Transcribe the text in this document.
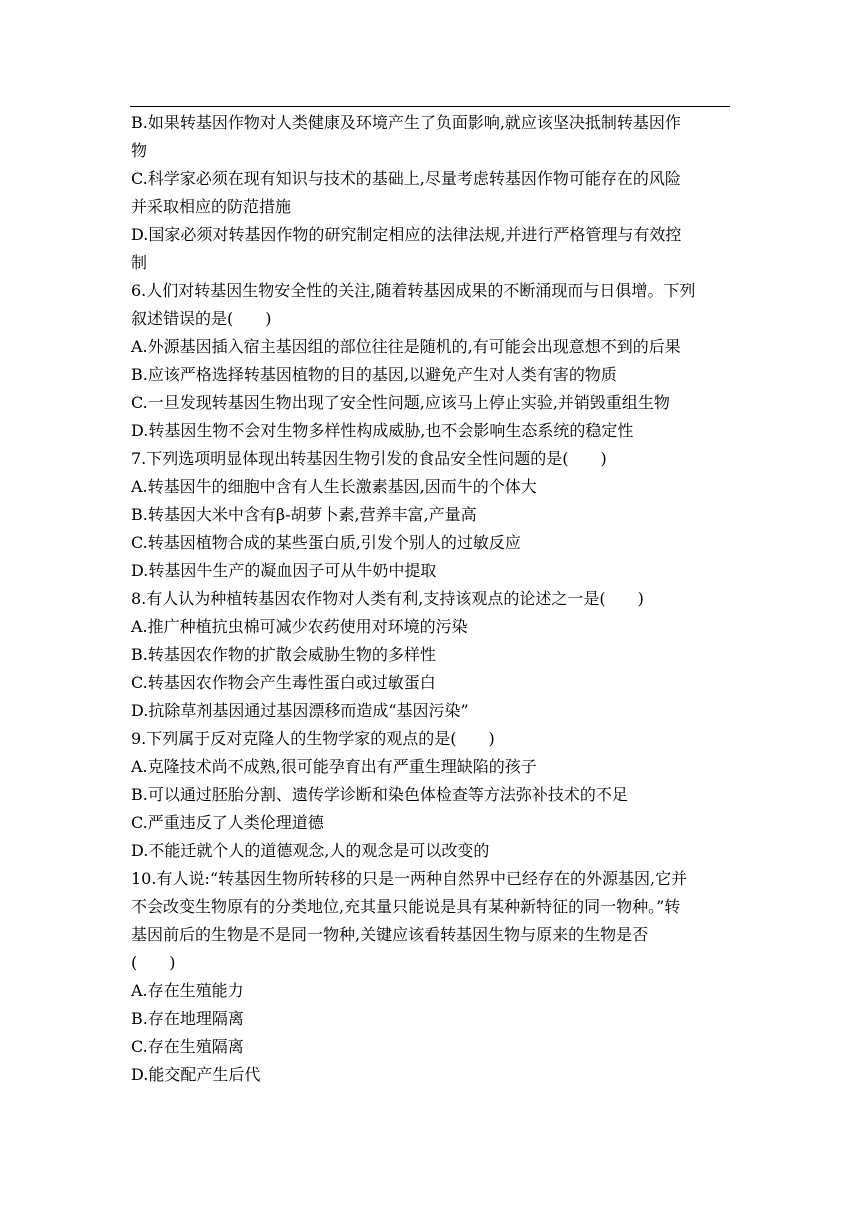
B.如果转基因作物对人类健康及环境产生了负面影响,就应该坚决抵制转基因作
物
C.科学家必须在现有知识与技术的基础上,尽量考虑转基因作物可能存在的风险
并采取相应的防范措施
D.国家必须对转基因作物的研究制定相应的法律法规,并进行严格管理与有效控
制
6.人们对转基因生物安全性的关注,随着转基因成果的不断涌现而与日俱增。下列
叙述错误的是(　　)
A.外源基因插入宿主基因组的部位往往是随机的,有可能会出现意想不到的后果
B.应该严格选择转基因植物的目的基因,以避免产生对人类有害的物质
C.一旦发现转基因生物出现了安全性问题,应该马上停止实验,并销毁重组生物
D.转基因生物不会对生物多样性构成威胁,也不会影响生态系统的稳定性
7.下列选项明显体现出转基因生物引发的食品安全性问题的是(　　)
A.转基因牛的细胞中含有人生长激素基因,因而牛的个体大
B.转基因大米中含有β-胡萝卜素,营养丰富,产量高
C.转基因植物合成的某些蛋白质,引发个别人的过敏反应
D.转基因牛生产的凝血因子可从牛奶中提取
8.有人认为种植转基因农作物对人类有利,支持该观点的论述之一是(　　)
A.推广种植抗虫棉可减少农药使用对环境的污染
B.转基因农作物的扩散会威胁生物的多样性
C.转基因农作物会产生毒性蛋白或过敏蛋白
D.抗除草剂基因通过基因漂移而造成“基因污染”
9.下列属于反对克隆人的生物学家的观点的是(　　)
A.克隆技术尚不成熟,很可能孕育出有严重生理缺陷的孩子
B.可以通过胚胎分割、遗传学诊断和染色体检查等方法弥补技术的不足
C.严重违反了人类伦理道德
D.不能迁就个人的道德观念,人的观念是可以改变的
10.有人说:“转基因生物所转移的只是一两种自然界中已经存在的外源基因,它并
不会改变生物原有的分类地位,充其量只能说是具有某种新特征的同一物种。”转
基因前后的生物是不是同一物种,关键应该看转基因生物与原来的生物是否
(　　)
A.存在生殖能力
B.存在地理隔离
C.存在生殖隔离
D.能交配产生后代
